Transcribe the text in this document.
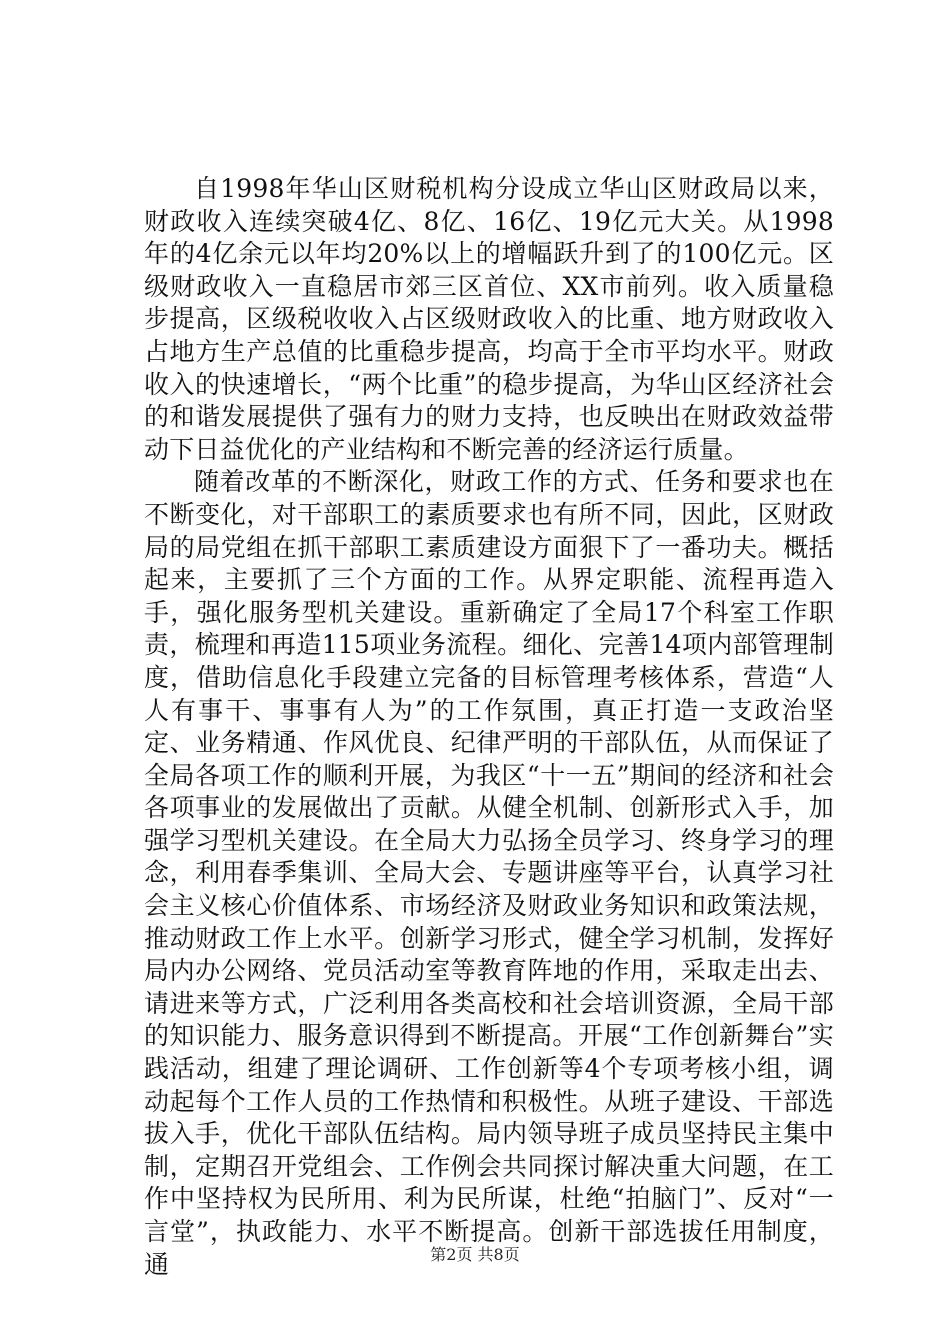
自1998年华山区财税机构分设成立华山区财政局以来，财政收入连续突破4亿、8亿、16亿、19亿元大关。从1998年的4亿余元以年均20%以上的增幅跃升到了的100亿元。区级财政收入一直稳居市郊三区首位、XX市前列。收入质量稳步提高，区级税收收入占区级财政收入的比重、地方财政收入占地方生产总值的比重稳步提高，均高于全市平均水平。财政收入的快速增长，“两个比重”的稳步提高，为华山区经济社会的和谐发展提供了强有力的财力支持，也反映出在财政效益带动下日益优化的产业结构和不断完善的经济运行质量。

随着改革的不断深化，财政工作的方式、任务和要求也在不断变化，对干部职工的素质要求也有所不同，因此，区财政局的局党组在抓干部职工素质建设方面狠下了一番功夫。概括起来，主要抓了三个方面的工作。从界定职能、流程再造入手，强化服务型机关建设。重新确定了全局17个科室工作职责，梳理和再造115项业务流程。细化、完善14项内部管理制度，借助信息化手段建立完备的目标管理考核体系，营造“人人有事干、事事有人为”的工作氛围，真正打造一支政治坚定、业务精通、作风优良、纪律严明的干部队伍，从而保证了全局各项工作的顺利开展，为我区“十一五”期间的经济和社会各项事业的发展做出了贡献。从健全机制、创新形式入手，加强学习型机关建设。在全局大力弘扬全员学习、终身学习的理念，利用春季集训、全局大会、专题讲座等平台，认真学习社会主义核心价值体系、市场经济及财政业务知识和政策法规，推动财政工作上水平。创新学习形式，健全学习机制，发挥好局内办公网络、党员活动室等教育阵地的作用，采取走出去、请进来等方式，广泛利用各类高校和社会培训资源，全局干部的知识能力、服务意识得到不断提高。开展“工作创新舞台”实践活动，组建了理论调研、工作创新等4个专项考核小组，调动起每个工作人员的工作热情和积极性。从班子建设、干部选拔入手，优化干部队伍结构。局内领导班子成员坚持民主集中制，定期召开党组会、工作例会共同探讨解决重大问题，在工作中坚持权为民所用、利为民所谋，杜绝“拍脑门”、反对“一言堂”，执政能力、水平不断提高。创新干部选拔任用制度，通	第2页 共8页
